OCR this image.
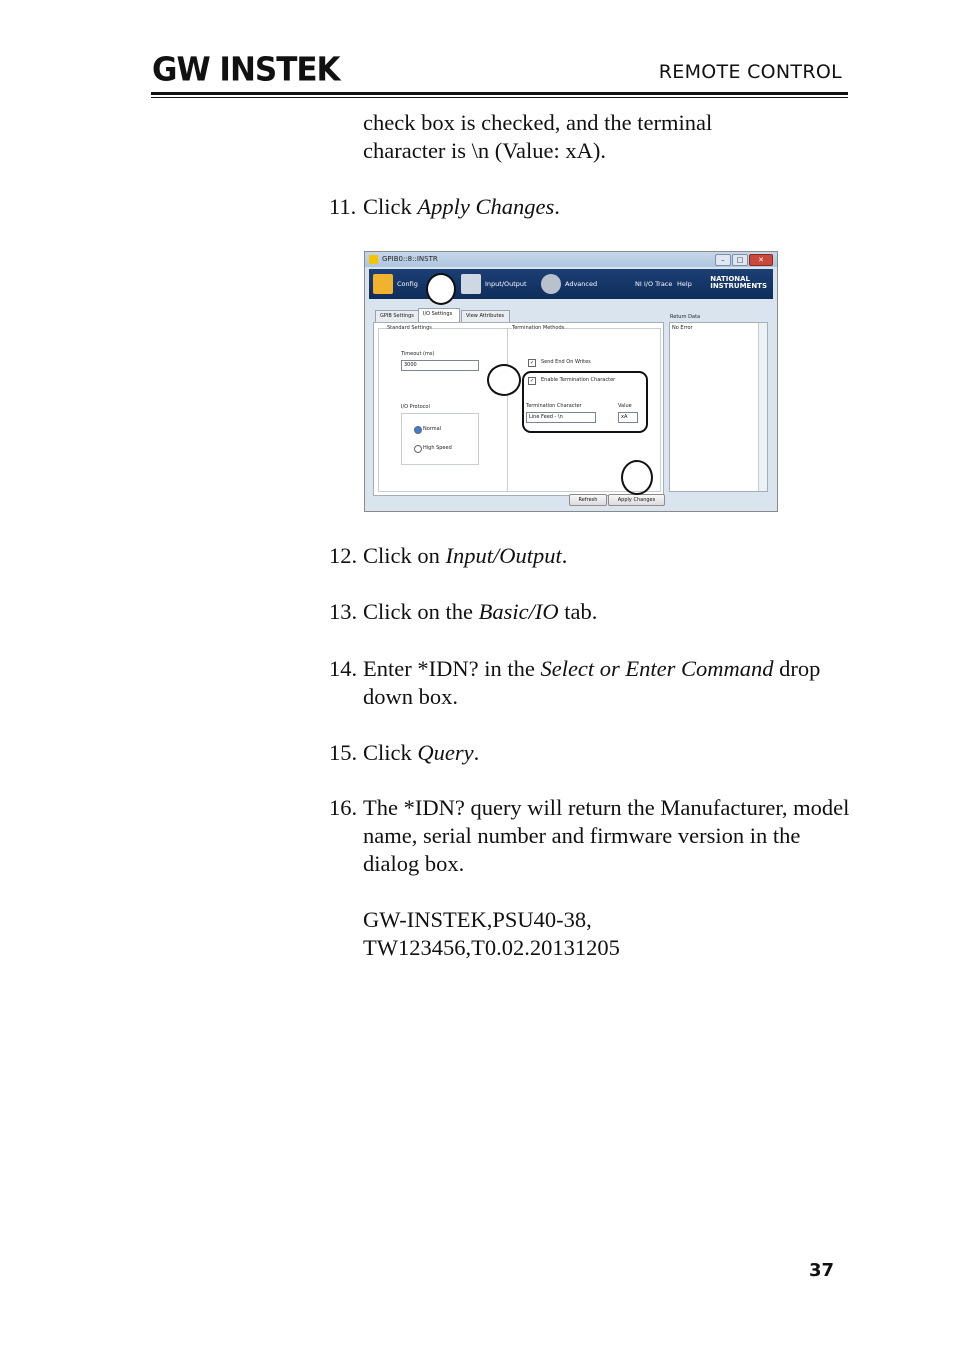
GW INSTEK	REMOTE CONTROL
check box is checked, and the terminal
character is \n (Value: xA).
11. Click Apply Changes.
GPIB0::8::INSTR	– □ ✕
Config	Input/Output	Advanced	NI I/O Trace Help
NATIONAL
INSTRUMENTS
GPIB Settings	I/O Settings	View Attributes
Standard Settings
Timeout (ms)
3000
I/O Protocol
Normal
High Speed
Termination Methods
✓	Send End On Writes
✓	Enable Termination Character
Termination Character
Line Feed - \n
Value
xA
Return Data
No Error
Refresh	Apply Changes
12. Click on Input/Output.
13. Click on the Basic/IO tab.
14. Enter *IDN? in the Select or Enter Command drop down box.
15. Click Query.
16. The *IDN? query will return the Manufacturer, model name, serial number and firmware version in the dialog box.
GW-INSTEK,PSU40-38,
TW123456,T0.02.20131205
37
